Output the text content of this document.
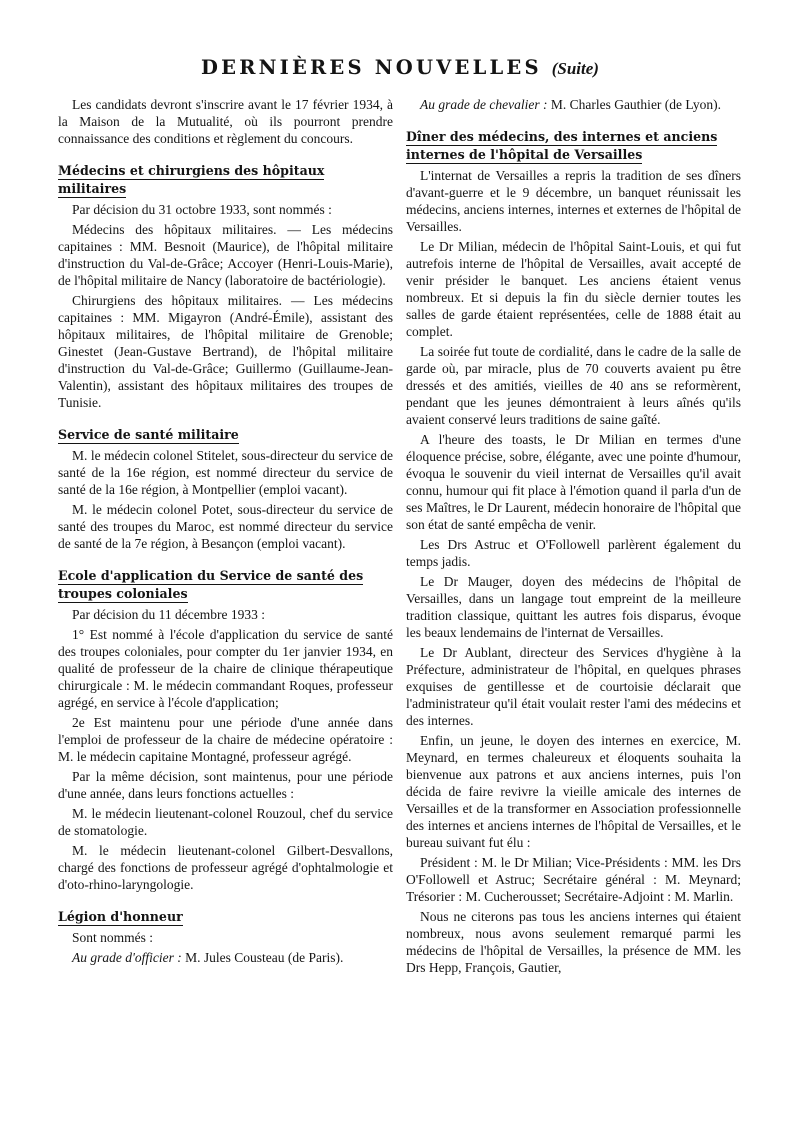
DERNIÈRES NOUVELLES (Suite)

Les candidats devront s'inscrire avant le 17 février 1934, à la Maison de la Mutualité, où ils pourront prendre connaissance des conditions et règlement du concours.

Médecins et chirurgiens des hôpitaux militaires

Par décision du 31 octobre 1933, sont nommés :

Médecins des hôpitaux militaires. — Les médecins capitaines : MM. Besnoit (Maurice), de l'hôpital militaire d'instruction du Val-de-Grâce; Accoyer (Henri-Louis-Marie), de l'hôpital militaire de Nancy (laboratoire de bactériologie).

Chirurgiens des hôpitaux militaires. — Les médecins capitaines : MM. Migayron (André-Émile), assistant des hôpitaux militaires, de l'hôpital militaire de Grenoble; Ginestet (Jean-Gustave Bertrand), de l'hôpital militaire d'instruction du Val-de-Grâce; Guillermo (Guillaume-Jean-Valentin), assistant des hôpitaux militaires des troupes de Tunisie.

Service de santé militaire

M. le médecin colonel Stitelet, sous-directeur du service de santé de la 16e région, est nommé directeur du service de santé de la 16e région, à Montpellier (emploi vacant).

M. le médecin colonel Potet, sous-directeur du service de santé des troupes du Maroc, est nommé directeur du service de santé de la 7e région, à Besançon (emploi vacant).

Ecole d'application du Service de santé des troupes coloniales

Par décision du 11 décembre 1933 :

1° Est nommé à l'école d'application du service de santé des troupes coloniales, pour compter du 1er janvier 1934, en qualité de professeur de la chaire de clinique thérapeutique chirurgicale : M. le médecin commandant Roques, professeur agrégé, en service à l'école d'application;

2e Est maintenu pour une période d'une année dans l'emploi de professeur de la chaire de médecine opératoire : M. le médecin capitaine Montagné, professeur agrégé.

Par la même décision, sont maintenus, pour une période d'une année, dans leurs fonctions actuelles :

M. le médecin lieutenant-colonel Rouzoul, chef du service de stomatologie.

M. le médecin lieutenant-colonel Gilbert-Desvallons, chargé des fonctions de professeur agrégé d'ophtalmologie et d'oto-rhino-laryngologie.

Légion d'honneur

Sont nommés :

Au grade d'officier : M. Jules Cousteau (de Paris).

Au grade de chevalier : M. Charles Gauthier (de Lyon).

Dîner des médecins, des internes et anciens internes de l'hôpital de Versailles

L'internat de Versailles a repris la tradition de ses dîners d'avant-guerre et le 9 décembre, un banquet réunissait les médecins, anciens internes, internes et externes de l'hôpital de Versailles.

Le Dr Milian, médecin de l'hôpital Saint-Louis, et qui fut autrefois interne de l'hôpital de Versailles, avait accepté de venir présider le banquet. Les anciens étaient venus nombreux. Et si depuis la fin du siècle dernier toutes les salles de garde étaient représentées, celle de 1888 était au complet.

La soirée fut toute de cordialité, dans le cadre de la salle de garde où, par miracle, plus de 70 couverts avaient pu être dressés et des amitiés, vieilles de 40 ans se reformèrent, pendant que les jeunes démontraient à leurs aînés qu'ils avaient conservé leurs traditions de saine gaîté.

A l'heure des toasts, le Dr Milian en termes d'une éloquence précise, sobre, élégante, avec une pointe d'humour, évoqua le souvenir du vieil internat de Versailles qu'il avait connu, humour qui fit place à l'émotion quand il parla d'un de ses Maîtres, le Dr Laurent, médecin honoraire de l'hôpital que son état de santé empêcha de venir.

Les Drs Astruc et O'Followell parlèrent également du temps jadis.

Le Dr Mauger, doyen des médecins de l'hôpital de Versailles, dans un langage tout empreint de la meilleure tradition classique, quittant les autres fois disparus, évoque les beaux lendemains de l'internat de Versailles.

Le Dr Aublant, directeur des Services d'hygiène à la Préfecture, administrateur de l'hôpital, en quelques phrases exquises de gentillesse et de courtoisie déclarait que l'administrateur qu'il était voulait rester l'ami des médecins et des internes.

Enfin, un jeune, le doyen des internes en exercice, M. Meynard, en termes chaleureux et éloquents souhaita la bienvenue aux patrons et aux anciens internes, puis l'on décida de faire revivre la vieille amicale des internes de Versailles et de la transformer en Association professionnelle des internes et anciens internes de l'hôpital de Versailles, et le bureau suivant fut élu :

Président : M. le Dr Milian; Vice-Présidents : MM. les Drs O'Followell et Astruc; Secrétaire général : M. Meynard; Trésorier : M. Cucherousset; Secrétaire-Adjoint : M. Marlin.

Nous ne citerons pas tous les anciens internes qui étaient nombreux, nous avons seulement remarqué parmi les médecins de l'hôpital de Versailles, la présence de MM. les Drs Hepp, François, Gautier,
